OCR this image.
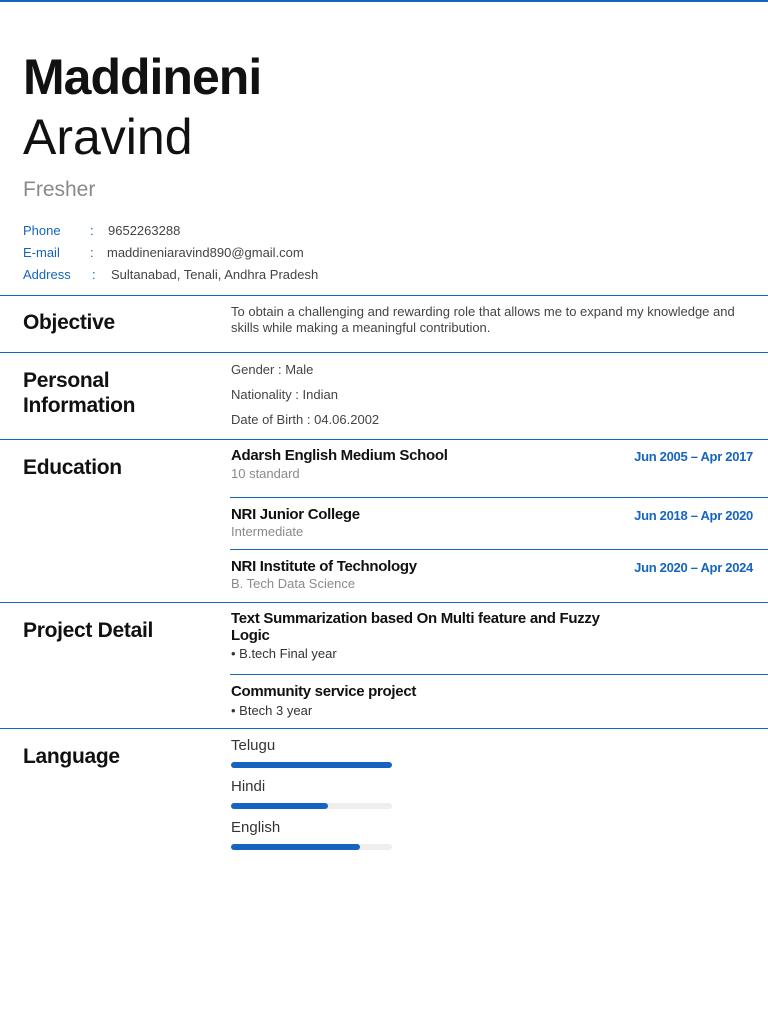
Maddineni
Aravind
Fresher
Phone : 9652263288
E-mail : maddineniaravind890@gmail.com
Address : Sultanabad, Tenali, Andhra Pradesh
Objective	To obtain a challenging and rewarding role that allows me to expand my knowledge and skills while making a meaningful contribution.
Personal
Information
Gender : Male
Nationality : Indian
Date of Birth : 04.06.2002
Education
Adarsh English Medium School	Jun 2005 – Apr 2017
10 standard
NRI Junior College	Jun 2018 – Apr 2020
Intermediate
NRI Institute of Technology	Jun 2020 – Apr 2024
B. Tech Data Science
Project Detail
Text Summarization based On Multi feature and Fuzzy Logic
• B.tech Final year
Community service project
• Btech 3 year
Language	Telugu
Hindi
English
